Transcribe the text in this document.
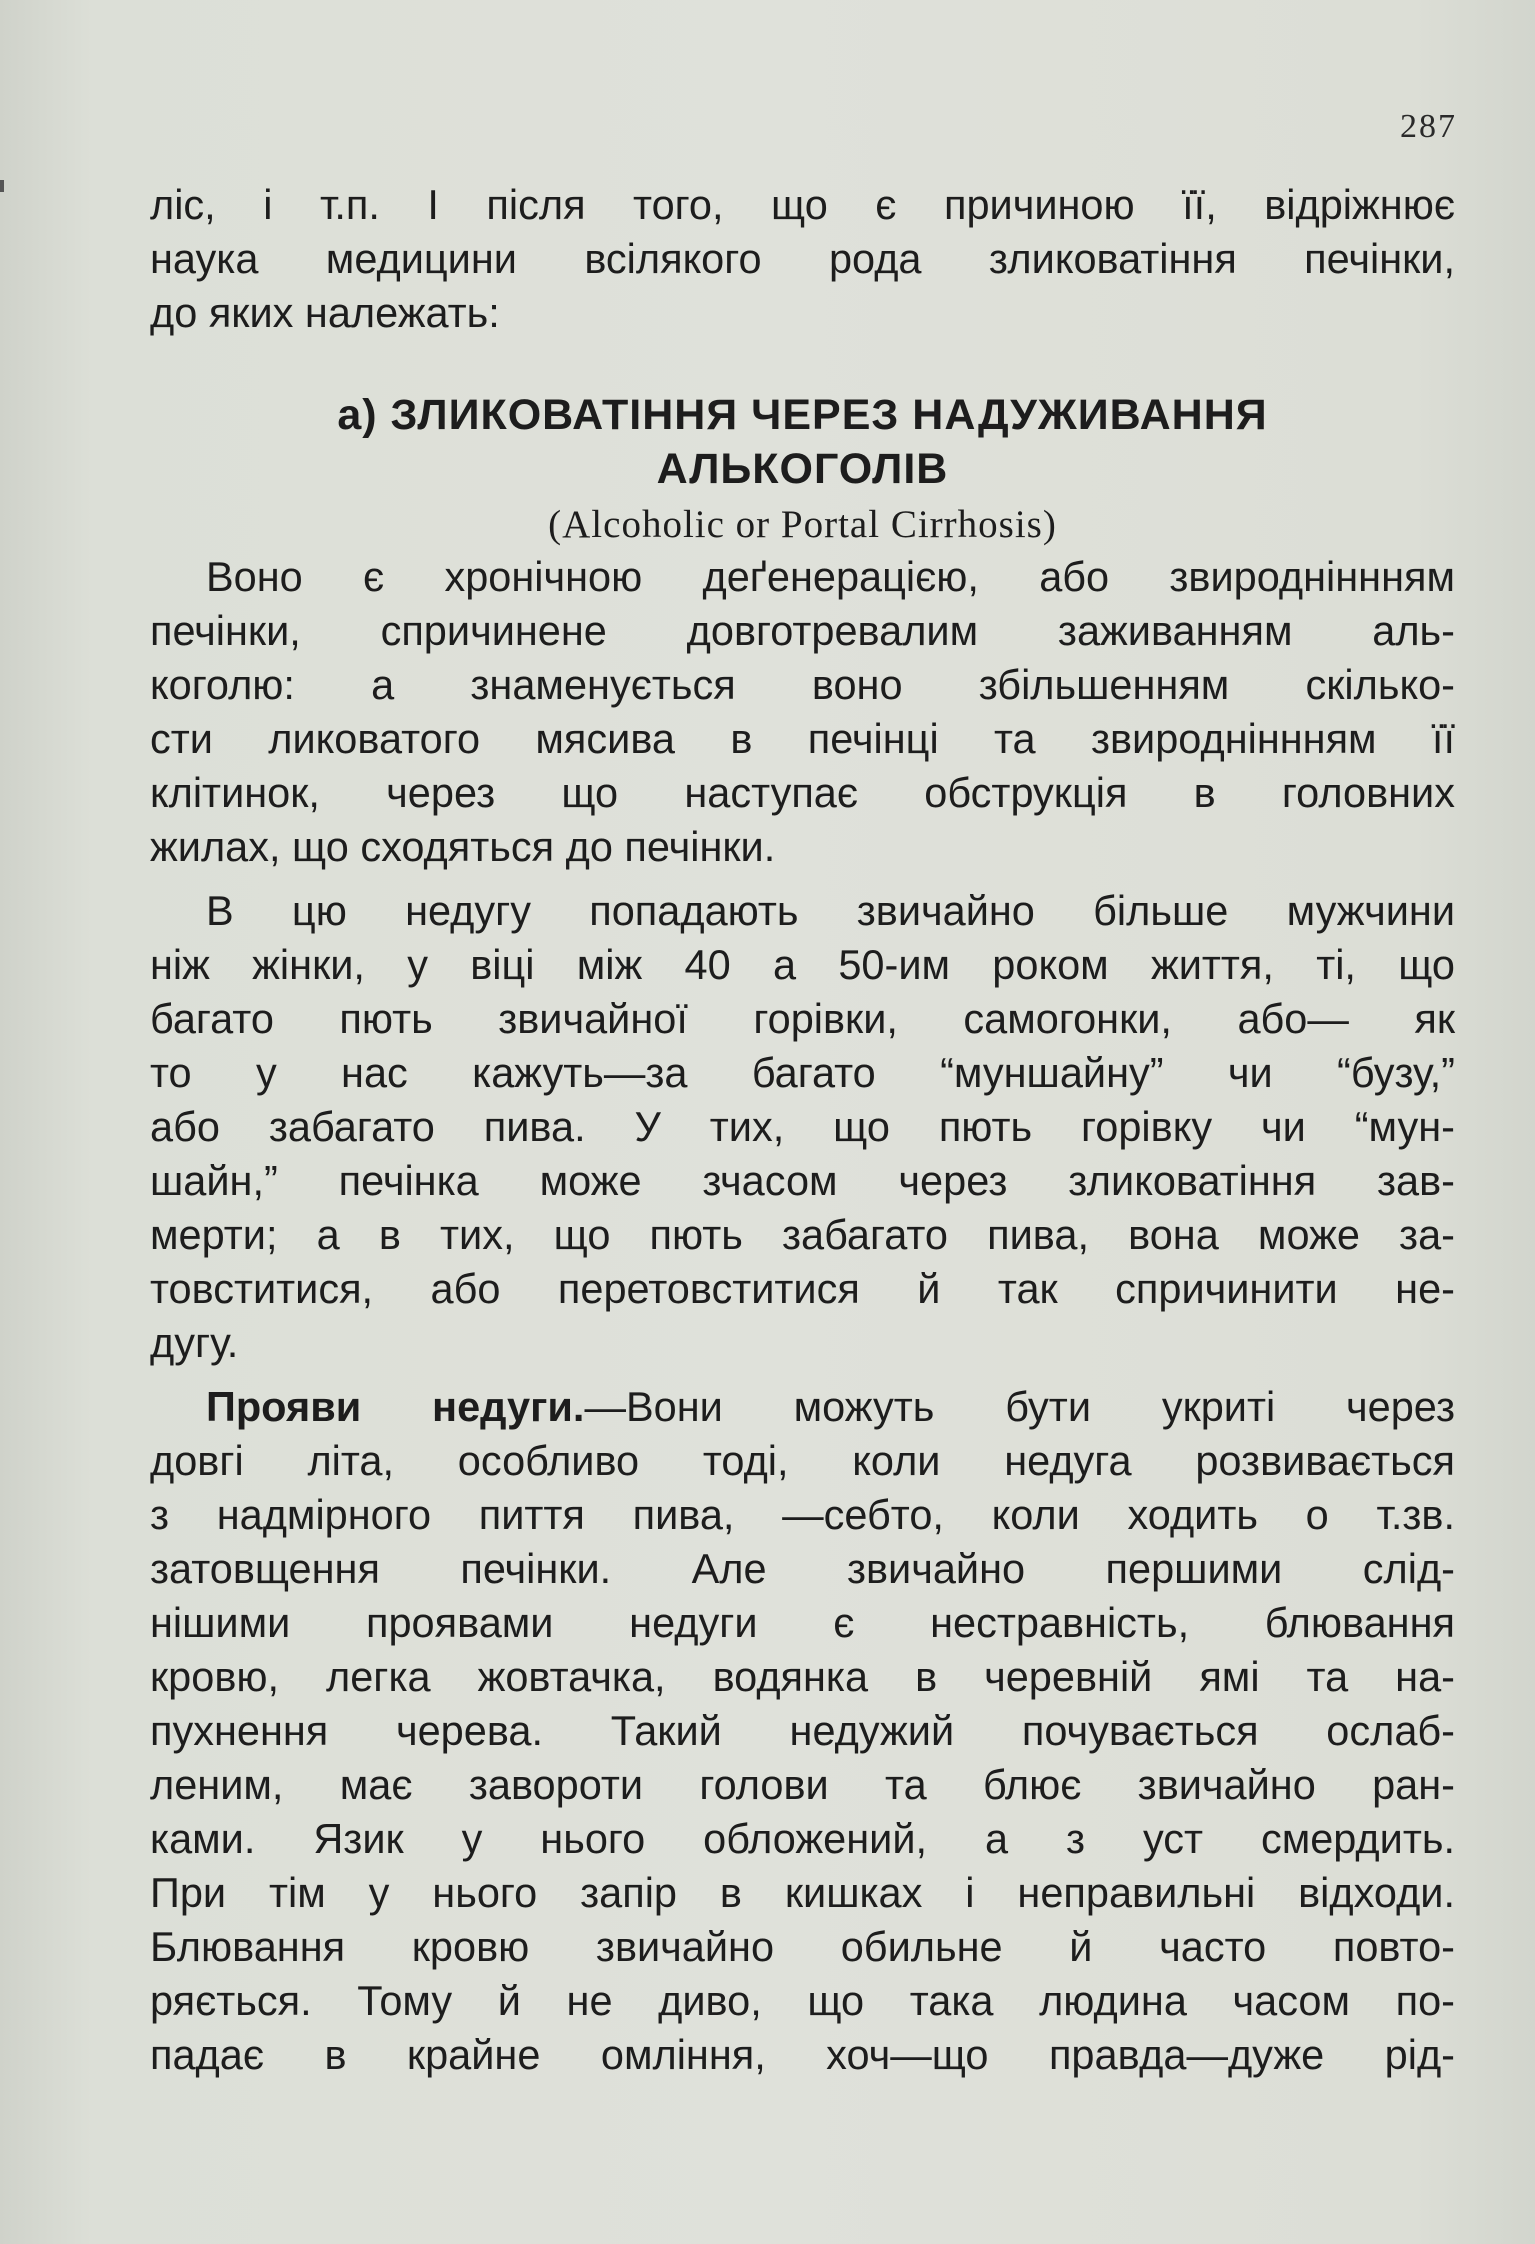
287
ліс, і т.п. І після того, що є причиною її, відріжнює
наука медицини всілякого рода зликоватіння печінки,
до яких належать:
а) ЗЛИКОВАТІННЯ ЧЕРЕЗ НАДУЖИВАННЯ
АЛЬКОГОЛІВ
(Alcoholic or Portal Cirrhosis)
Воно є хронічною деґенерацією, або звиродніннням
печінки, спричинене довготревалим заживанням аль-
коголю: а знаменується воно збільшенням скілько-
сти ликоватого мясива в печінці та звиродніннням її
клітинок, через що наступає обструкція в головних
жилах, що сходяться до печінки.
В цю недугу попадають звичайно більше мужчини
ніж жінки, у віці між 40 а 50-им роком життя, ті, що
багато пють звичайної горівки, самогонки, або— як
то у нас кажуть—за багато “муншайну” чи “бузу,”
або забагато пива. У тих, що пють горівку чи “мун-
шайн,” печінка може зчасом через зликоватіння зав-
мерти; а в тих, що пють забагато пива, вона може за-
товститися, або перетовститися й так спричинити не-
дугу.
Прояви недуги.—Вони можуть бути укриті через
довгі літа, особливо тоді, коли недуга розвивається
з надмірного пиття пива, —себто, коли ходить о т.зв.
затовщення печінки. Але звичайно першими слід-
нішими проявами недуги є нестравність, блювання
кровю, легка жовтачка, водянка в черевній ямі та на-
пухнення черева. Такий недужий почувається ослаб-
леним, має завороти голови та блює звичайно ран-
ками. Язик у нього обложений, а з уст смердить.
При тім у нього запір в кишках і неправильні відходи.
Блювання кровю звичайно обильне й часто повто-
ряється. Тому й не диво, що така людина часом по-
падає в крайне омління, хоч—що правда—дуже рід-
